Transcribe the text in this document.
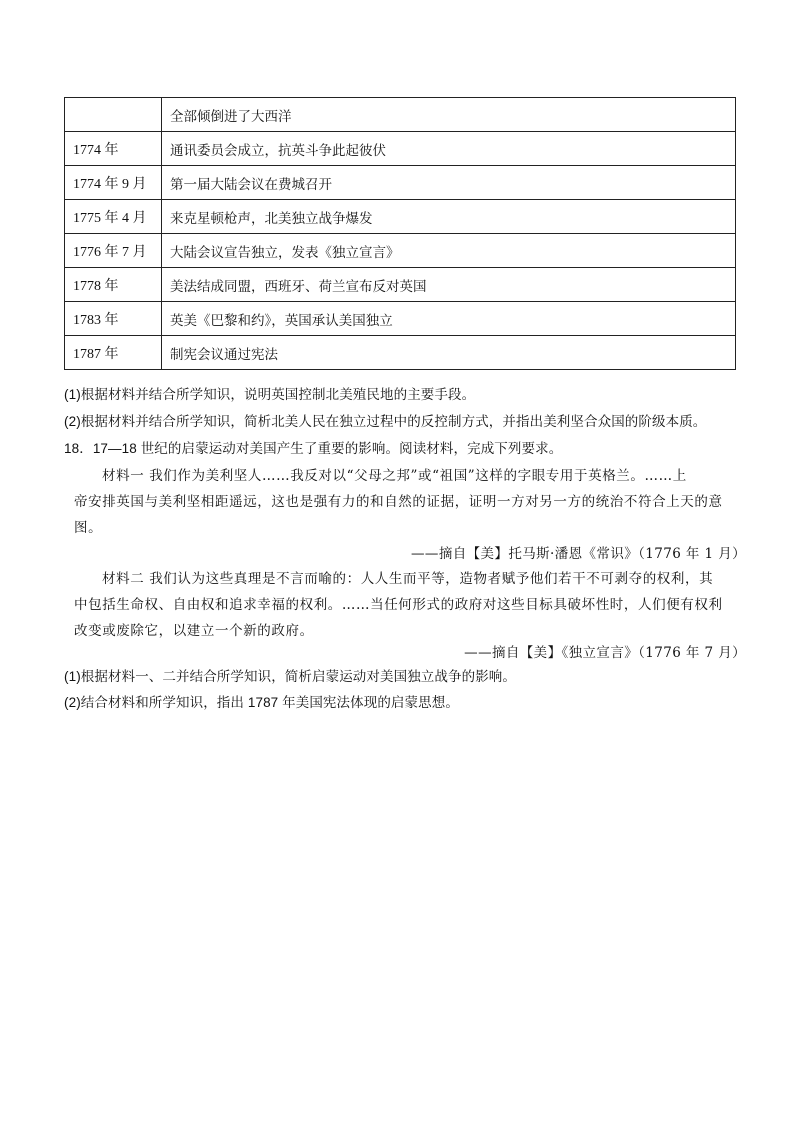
	全部倾倒进了大西洋
1774 年	通讯委员会成立，抗英斗争此起彼伏
1774 年 9 月	第一届大陆会议在费城召开
1775 年 4 月	来克星顿枪声，北美独立战争爆发
1776 年 7 月	大陆会议宣告独立，发表《独立宣言》
1778 年	美法结成同盟，西班牙、荷兰宣布反对英国
1783 年	英美《巴黎和约》，英国承认美国独立
1787 年	制宪会议通过宪法
(1)根据材料并结合所学知识，说明英国控制北美殖民地的主要手段。
(2)根据材料并结合所学知识，简析北美人民在独立过程中的反控制方式，并指出美利坚合众国的阶级本质。
18．17—18 世纪的启蒙运动对美国产生了重要的影响。阅读材料，完成下列要求。
材料一 我们作为美利坚人……我反对以“父母之邦”或“祖国”这样的字眼专用于英格兰。……上
帝安排英国与美利坚相距遥远，这也是强有力的和自然的证据，证明一方对另一方的统治不符合上天的意
图。
——摘自【美】托马斯·潘恩《常识》（1776 年 1 月）
材料二 我们认为这些真理是不言而喻的：人人生而平等，造物者赋予他们若干不可剥夺的权利，其
中包括生命权、自由权和追求幸福的权利。……当任何形式的政府对这些目标具破坏性时，人们便有权利
改变或废除它，以建立一个新的政府。
——摘自【美】《独立宣言》（1776 年 7 月）
(1)根据材料一、二并结合所学知识，简析启蒙运动对美国独立战争的影响。
(2)结合材料和所学知识，指出 1787 年美国宪法体现的启蒙思想。
